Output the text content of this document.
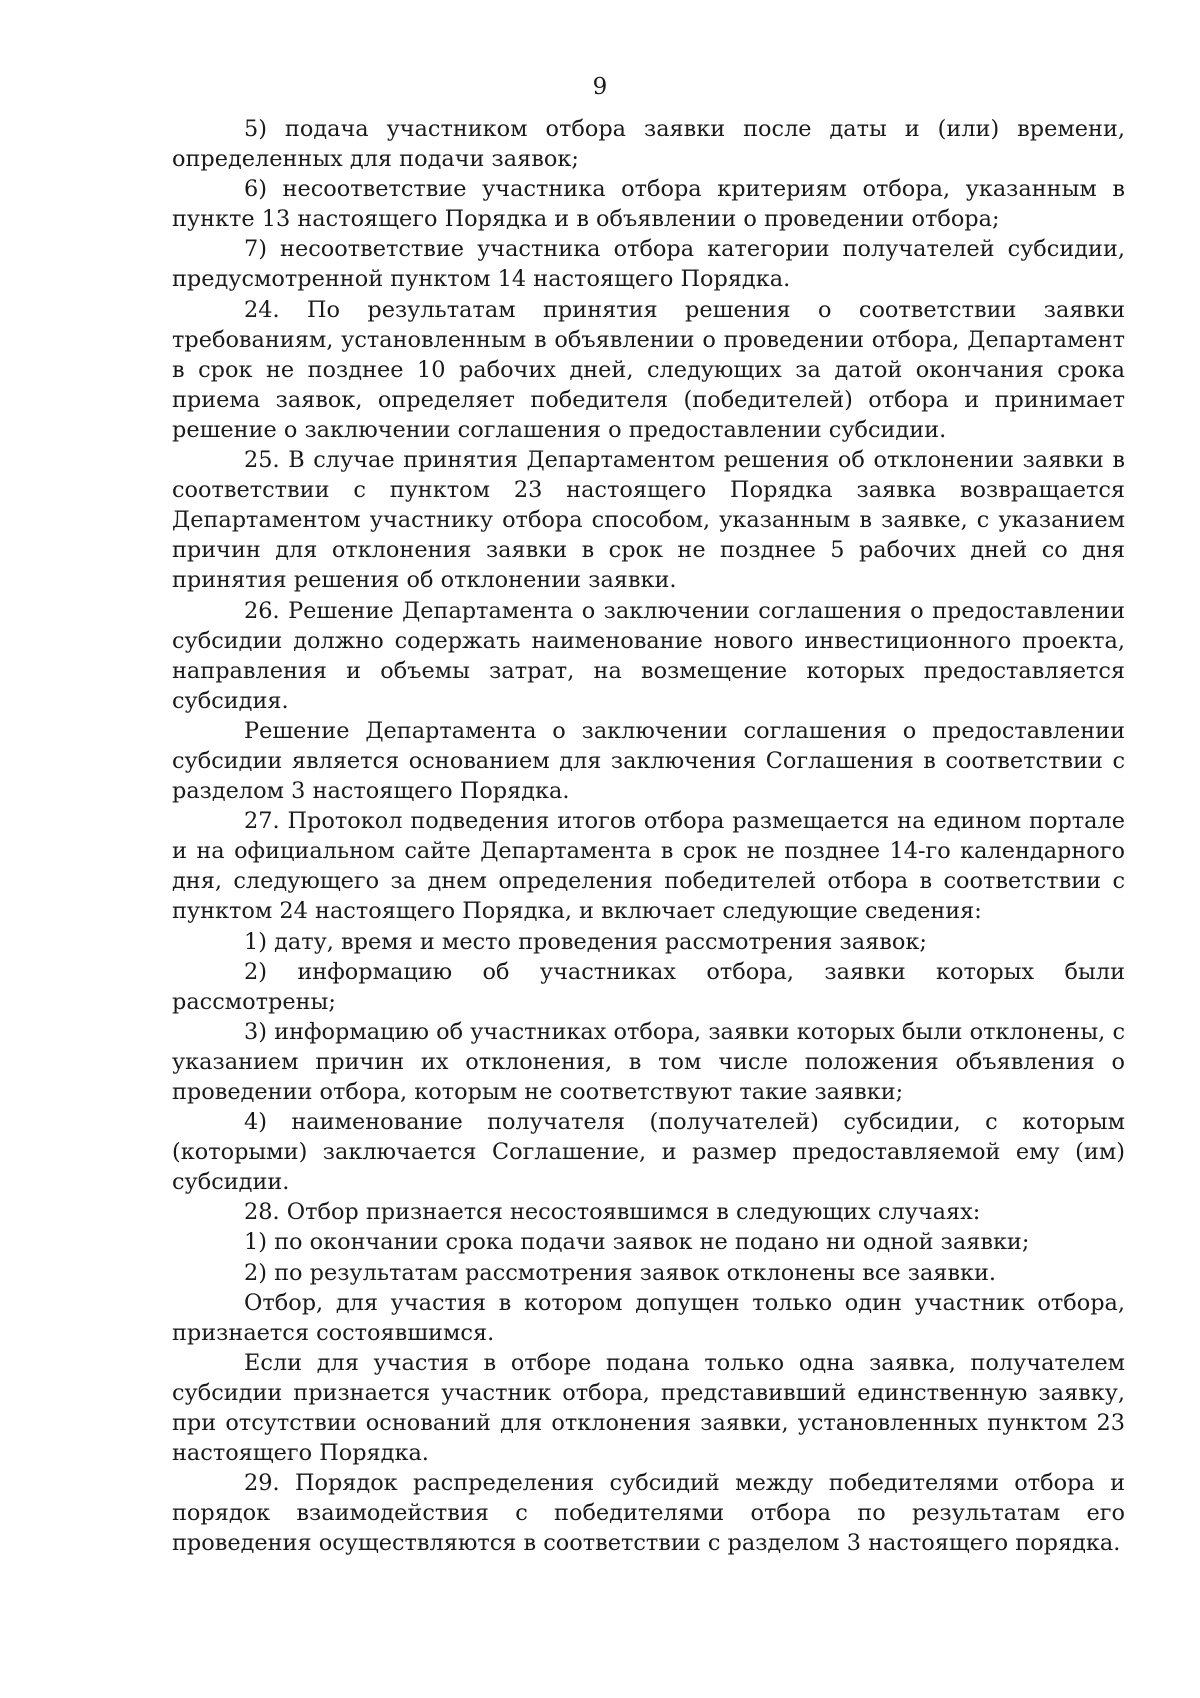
9

5) подача участником отбора заявки после даты и (или) времени, определенных для подачи заявок;

6) несоответствие участника отбора критериям отбора, указанным в пункте 13 настоящего Порядка и в объявлении о проведении отбора;

7) несоответствие участника отбора категории получателей субсидии, предусмотренной пунктом 14 настоящего Порядка.

24. По результатам принятия решения о соответствии заявки требованиям, установленным в объявлении о проведении отбора, Департамент в срок не позднее 10 рабочих дней, следующих за датой окончания срока приема заявок, определяет победителя (победителей) отбора и принимает решение о заключении соглашения о предоставлении субсидии.

25. В случае принятия Департаментом решения об отклонении заявки в соответствии с пунктом 23 настоящего Порядка заявка возвращается Департаментом участнику отбора способом, указанным в заявке, с указанием причин для отклонения заявки в срок не позднее 5 рабочих дней со дня принятия решения об отклонении заявки.

26. Решение Департамента о заключении соглашения о предоставлении субсидии должно содержать наименование нового инвестиционного проекта, направления и объемы затрат, на возмещение которых предоставляется субсидия.

Решение Департамента о заключении соглашения о предоставлении субсидии является основанием для заключения Соглашения в соответствии с разделом 3 настоящего Порядка.

27. Протокол подведения итогов отбора размещается на едином портале и на официальном сайте Департамента в срок не позднее 14-го календарного дня, следующего за днем определения победителей отбора в соответствии с пунктом 24 настоящего Порядка, и включает следующие сведения:

1) дату, время и место проведения рассмотрения заявок;

2) информацию об участниках отбора, заявки которых были рассмотрены;

3) информацию об участниках отбора, заявки которых были отклонены, с указанием причин их отклонения, в том числе положения объявления о проведении отбора, которым не соответствуют такие заявки;

4) наименование получателя (получателей) субсидии, с которым (которыми) заключается Соглашение, и размер предоставляемой ему (им) субсидии.

28. Отбор признается несостоявшимся в следующих случаях:

1) по окончании срока подачи заявок не подано ни одной заявки;

2) по результатам рассмотрения заявок отклонены все заявки.

Отбор, для участия в котором допущен только один участник отбора, признается состоявшимся.

Если для участия в отборе подана только одна заявка, получателем субсидии признается участник отбора, представивший единственную заявку, при отсутствии оснований для отклонения заявки, установленных пунктом 23 настоящего Порядка.

29. Порядок распределения субсидий между победителями отбора и порядок взаимодействия с победителями отбора по результатам его проведения осуществляются в соответствии с разделом 3 настоящего порядка.
